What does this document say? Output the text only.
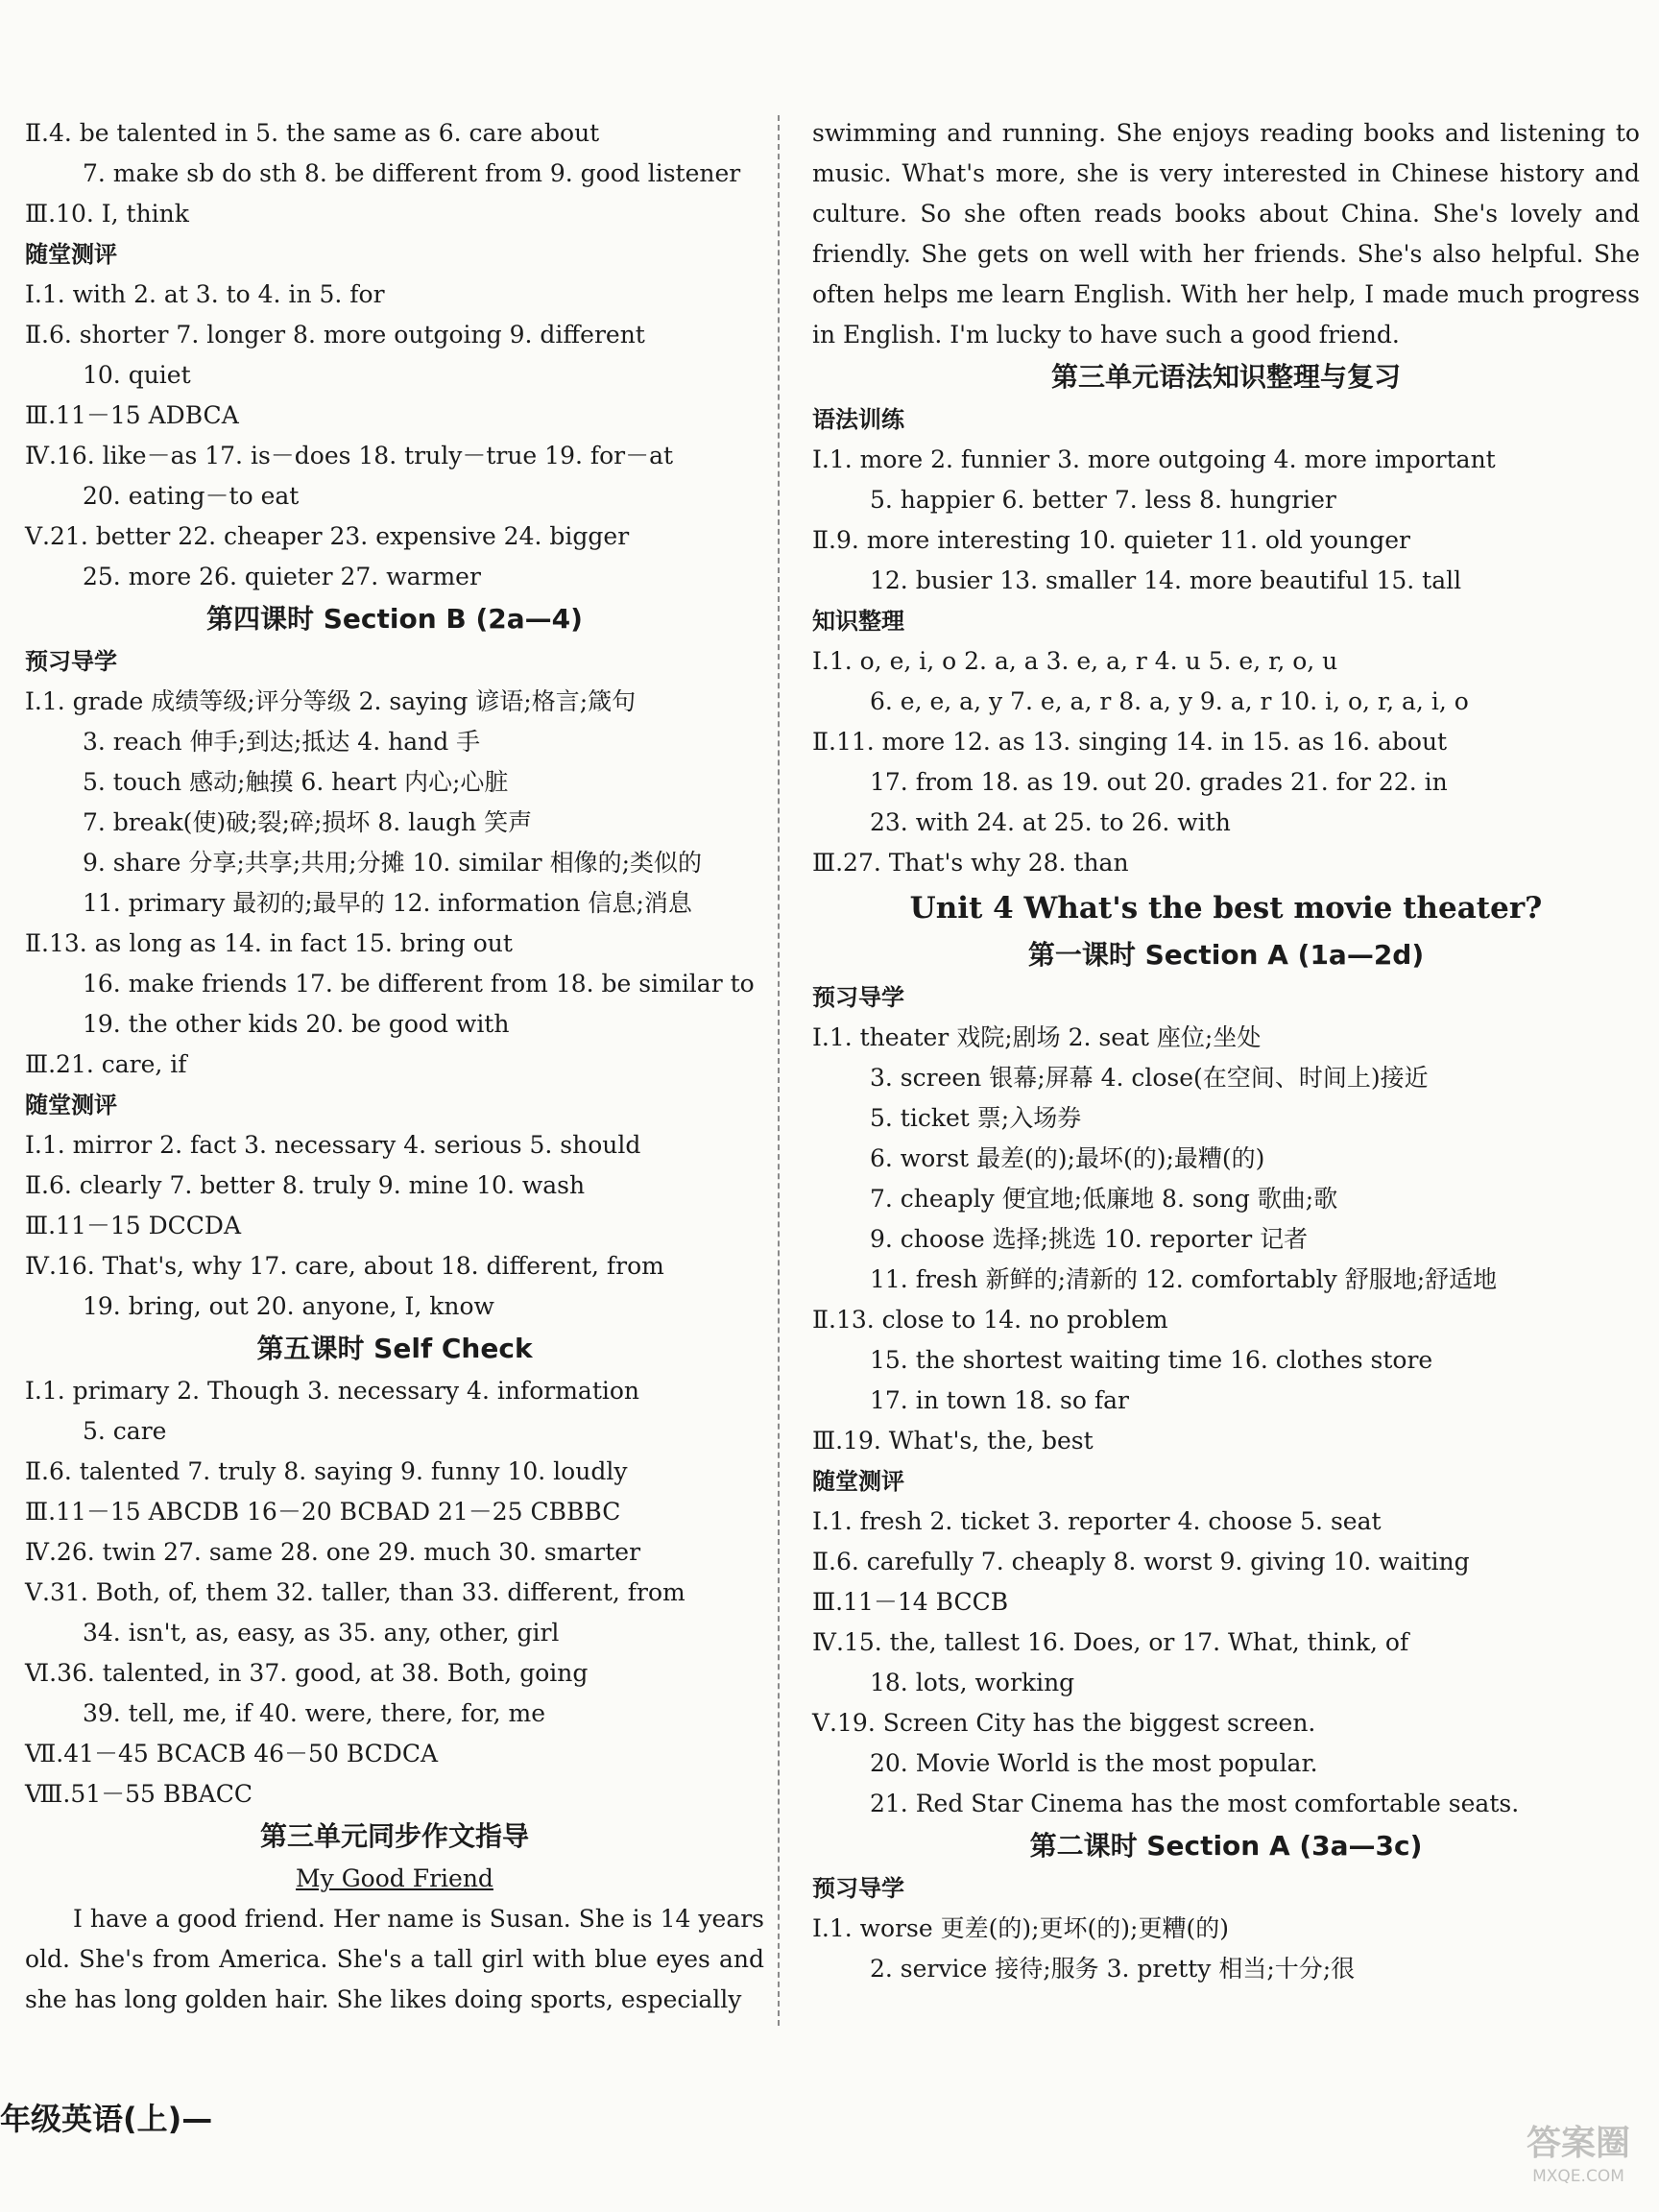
Ⅱ.4. be talented in 5. the same as 6. care about
7. make sb do sth 8. be different from 9. good listener
Ⅲ.10. I, think
随堂测评
Ⅰ.1. with 2. at 3. to 4. in 5. for
Ⅱ.6. shorter 7. longer 8. more outgoing 9. different
10. quiet
Ⅲ.11－15 ADBCA
Ⅳ.16. like－as 17. is－does 18. truly－true 19. for－at
20. eating－to eat
Ⅴ.21. better 22. cheaper 23. expensive 24. bigger
25. more 26. quieter 27. warmer
第四课时 Section B (2a—4)
预习导学
Ⅰ.1. grade 成绩等级;评分等级 2. saying 谚语;格言;箴句
3. reach 伸手;到达;抵达 4. hand 手
5. touch 感动;触摸 6. heart 内心;心脏
7. break(使)破;裂;碎;损坏 8. laugh 笑声
9. share 分享;共享;共用;分摊 10. similar 相像的;类似的
11. primary 最初的;最早的 12. information 信息;消息
Ⅱ.13. as long as 14. in fact 15. bring out
16. make friends 17. be different from 18. be similar to
19. the other kids 20. be good with
Ⅲ.21. care, if
随堂测评
Ⅰ.1. mirror 2. fact 3. necessary 4. serious 5. should
Ⅱ.6. clearly 7. better 8. truly 9. mine 10. wash
Ⅲ.11－15 DCCDA
Ⅳ.16. That's, why 17. care, about 18. different, from
19. bring, out 20. anyone, I, know
第五课时 Self Check
Ⅰ.1. primary 2. Though 3. necessary 4. information
5. care
Ⅱ.6. talented 7. truly 8. saying 9. funny 10. loudly
Ⅲ.11－15 ABCDB 16－20 BCBAD 21－25 CBBBC
Ⅳ.26. twin 27. same 28. one 29. much 30. smarter
Ⅴ.31. Both, of, them 32. taller, than 33. different, from
34. isn't, as, easy, as 35. any, other, girl
Ⅵ.36. talented, in 37. good, at 38. Both, going
39. tell, me, if 40. were, there, for, me
Ⅶ.41－45 BCACB 46－50 BCDCA
Ⅷ.51－55 BBACC
第三单元同步作文指导
My Good Friend
I have a good friend. Her name is Susan. She is 14 years old. She's from America. She's a tall girl with blue eyes and she has long golden hair. She likes doing sports, especially
swimming and running. She enjoys reading books and listening to music. What's more, she is very interested in Chinese history and culture. So she often reads books about China. She's lovely and friendly. She gets on well with her friends. She's also helpful. She often helps me learn English. With her help, I made much progress in English. I'm lucky to have such a good friend.
第三单元语法知识整理与复习
语法训练
Ⅰ.1. more 2. funnier 3. more outgoing 4. more important
5. happier 6. better 7. less 8. hungrier
Ⅱ.9. more interesting 10. quieter 11. old younger
12. busier 13. smaller 14. more beautiful 15. tall
知识整理
Ⅰ.1. o, e, i, o 2. a, a 3. e, a, r 4. u 5. e, r, o, u
6. e, e, a, y 7. e, a, r 8. a, y 9. a, r 10. i, o, r, a, i, o
Ⅱ.11. more 12. as 13. singing 14. in 15. as 16. about
17. from 18. as 19. out 20. grades 21. for 22. in
23. with 24. at 25. to 26. with
Ⅲ.27. That's why 28. than
Unit 4 What's the best movie theater?
第一课时 Section A (1a—2d)
预习导学
Ⅰ.1. theater 戏院;剧场 2. seat 座位;坐处
3. screen 银幕;屏幕 4. close(在空间、时间上)接近
5. ticket 票;入场券
6. worst 最差(的);最坏(的);最糟(的)
7. cheaply 便宜地;低廉地 8. song 歌曲;歌
9. choose 选择;挑选 10. reporter 记者
11. fresh 新鲜的;清新的 12. comfortably 舒服地;舒适地
Ⅱ.13. close to 14. no problem
15. the shortest waiting time 16. clothes store
17. in town 18. so far
Ⅲ.19. What's, the, best
随堂测评
Ⅰ.1. fresh 2. ticket 3. reporter 4. choose 5. seat
Ⅱ.6. carefully 7. cheaply 8. worst 9. giving 10. waiting
Ⅲ.11－14 BCCB
Ⅳ.15. the, tallest 16. Does, or 17. What, think, of
18. lots, working
Ⅴ.19. Screen City has the biggest screen.
20. Movie World is the most popular.
21. Red Star Cinema has the most comfortable seats.
第二课时 Section A (3a—3c)
预习导学
Ⅰ.1. worse 更差(的);更坏(的);更糟(的)
2. service 接待;服务 3. pretty 相当;十分;很
年级英语(上)—
答案圈
MXQE.COM
